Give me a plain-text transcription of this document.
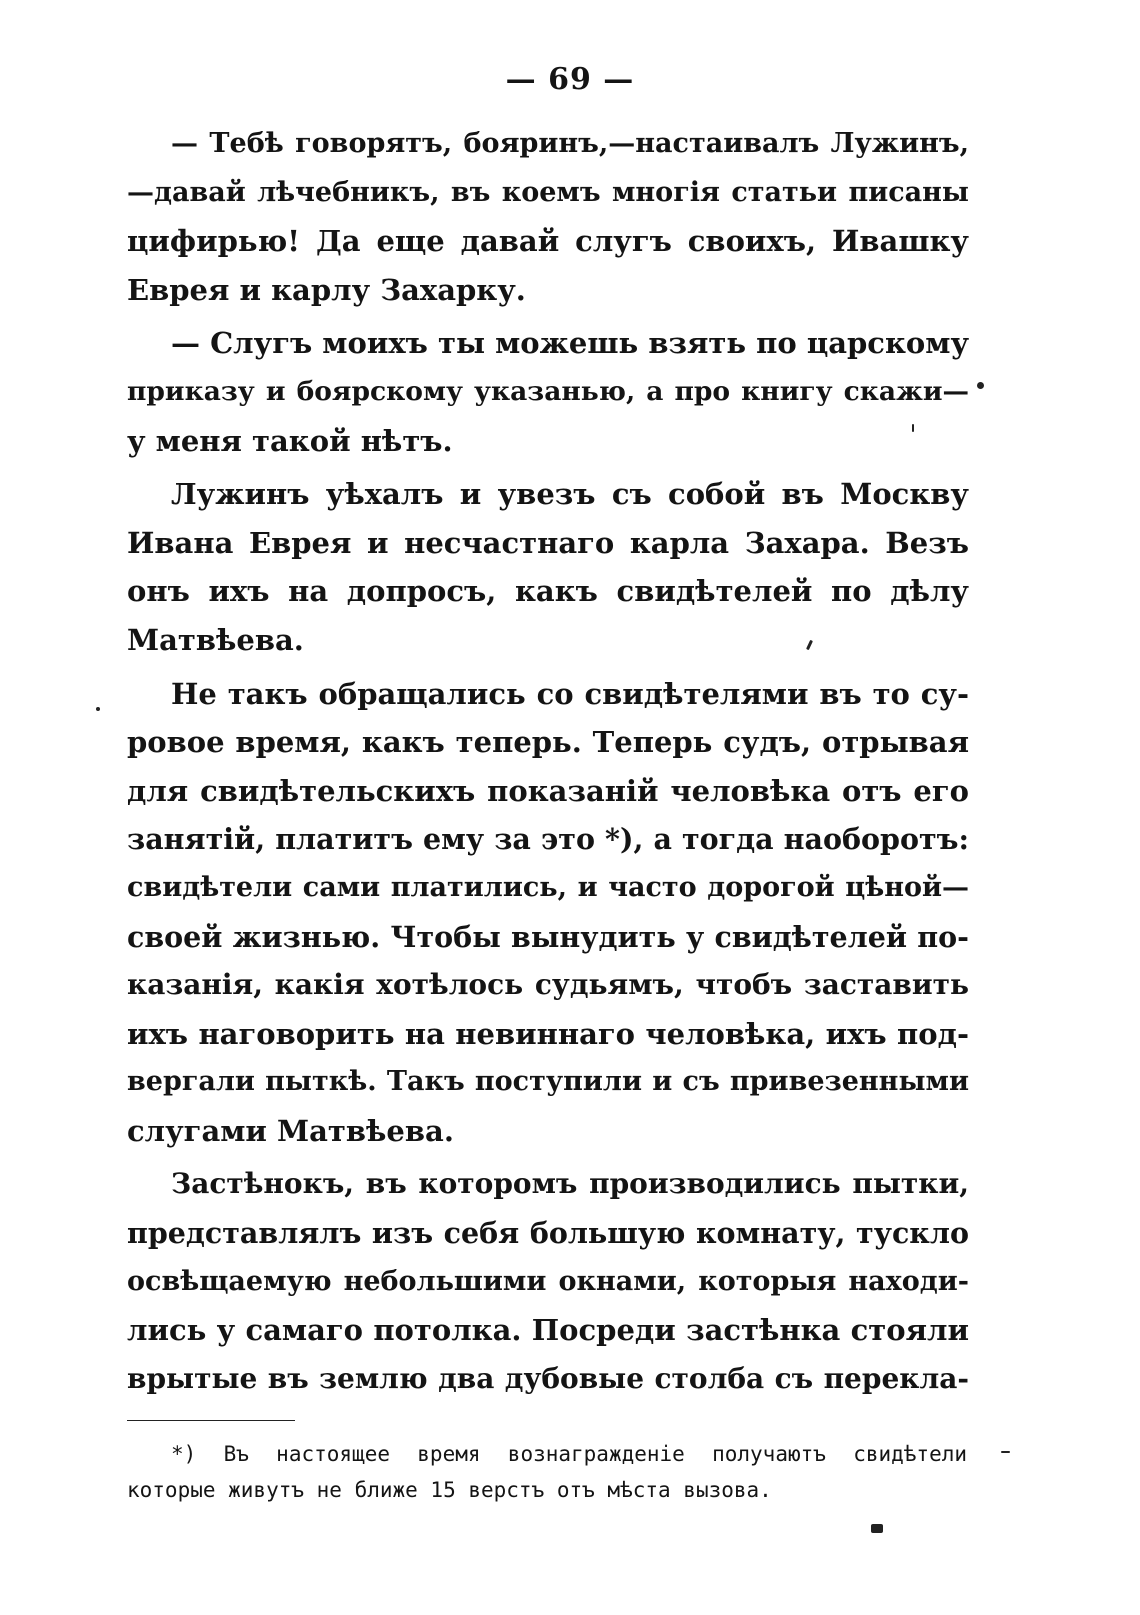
— 69 —
— Тебѣ говорятъ, бояринъ,—настаивалъ Лужинъ,
—давай лѣчебникъ, въ коемъ многія статьи писаны
цифирью! Да еще давай слугъ своихъ, Ивашку
Еврея и карлу Захарку.
— Слугъ моихъ ты можешь взять по царскому
приказу и боярскому указанью, а про книгу скажи—
у меня такой нѣтъ.
Лужинъ уѣхалъ и увезъ съ собой въ Москву
Ивана Еврея и несчастнаго карла Захара. Везъ
онъ ихъ на допросъ, какъ свидѣтелей по дѣлу
Матвѣева.
Не такъ обращались со свидѣтелями въ то су-
ровое время, какъ теперь. Теперь судъ, отрывая
для свидѣтельскихъ показаній человѣка отъ его
занятій, платитъ ему за это *), а тогда наоборотъ:
свидѣтели сами платились, и часто дорогой цѣной—
своей жизнью. Чтобы вынудить у свидѣтелей по-
казанія, какія хотѣлось судьямъ, чтобъ заставить
ихъ наговорить на невиннаго человѣка, ихъ под-
вергали пыткѣ. Такъ поступили и съ привезенными
слугами Матвѣева.
Застѣнокъ, въ которомъ производились пытки,
представлялъ изъ себя большую комнату, тускло
освѣщаемую небольшими окнами, которыя находи-
лись у самаго потолка. Посреди застѣнка стояли
врытые въ землю два дубовые столба съ перекла-
*) Въ настоящее время вознагражденіе получаютъ свидѣтели
которые живутъ не ближе 15 верстъ отъ мѣста вызова.
